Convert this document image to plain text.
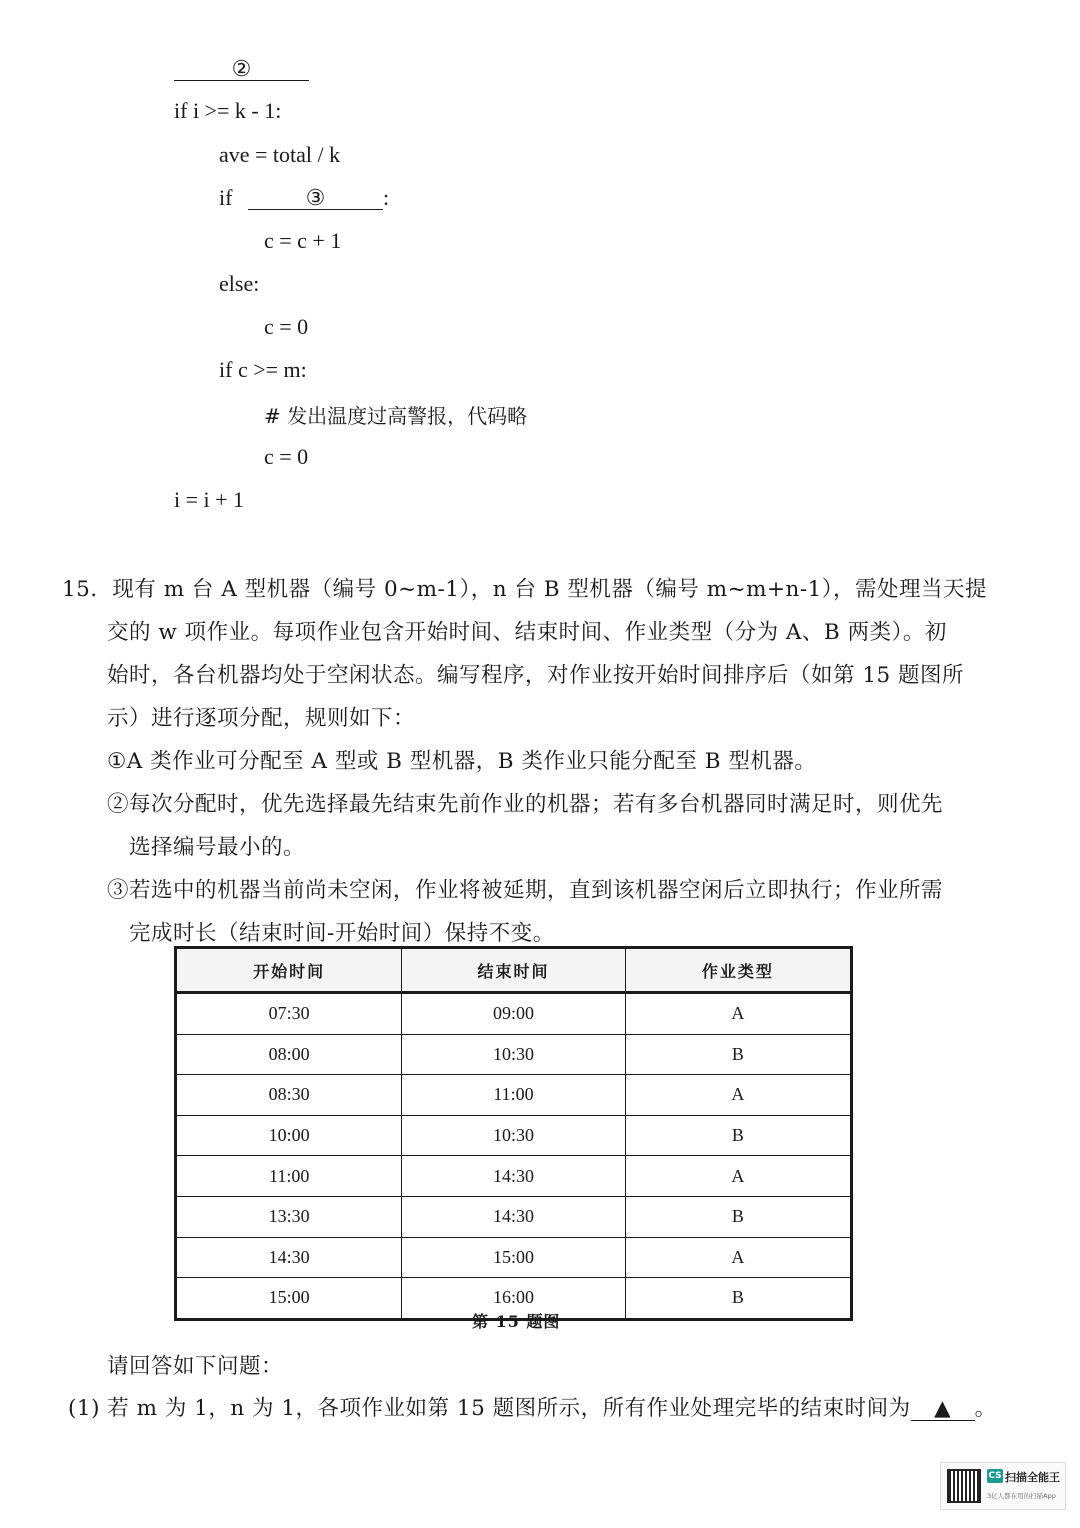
②
if i >= k - 1:
ave = total / k
if	③	:
c = c + 1
else:
c = 0
if c >= m:
# 发出温度过高警报，代码略
c = 0
i = i + 1
15．现有 m 台 A 型机器（编号 0~m-1），n 台 B 型机器（编号 m~m+n-1），需处理当天提
交的 w 项作业。每项作业包含开始时间、结束时间、作业类型（分为 A、B 两类）。初
始时，各台机器均处于空闲状态。编写程序，对作业按开始时间排序后（如第 15 题图所
示）进行逐项分配，规则如下：
①A 类作业可分配至 A 型或 B 型机器，B 类作业只能分配至 B 型机器。
②每次分配时，优先选择最先结束先前作业的机器；若有多台机器同时满足时，则优先
选择编号最小的。
③若选中的机器当前尚未空闲，作业将被延期，直到该机器空闲后立即执行；作业所需
完成时长（结束时间-开始时间）保持不变。
开始时间	结束时间	作业类型
07:30	09:00	A
08:00	10:30	B
08:30	11:00	A
10:00	10:30	B
11:00	14:30	A
13:30	14:30	B
14:30	15:00	A
15:00	16:00	B
第 15 题图
请回答如下问题：
(1) 若 m 为 1，n 为 1，各项作业如第 15 题图所示，所有作业处理完毕的结束时间为 ▲ 。
CS 扫描全能王
3亿人都在用的扫描App
